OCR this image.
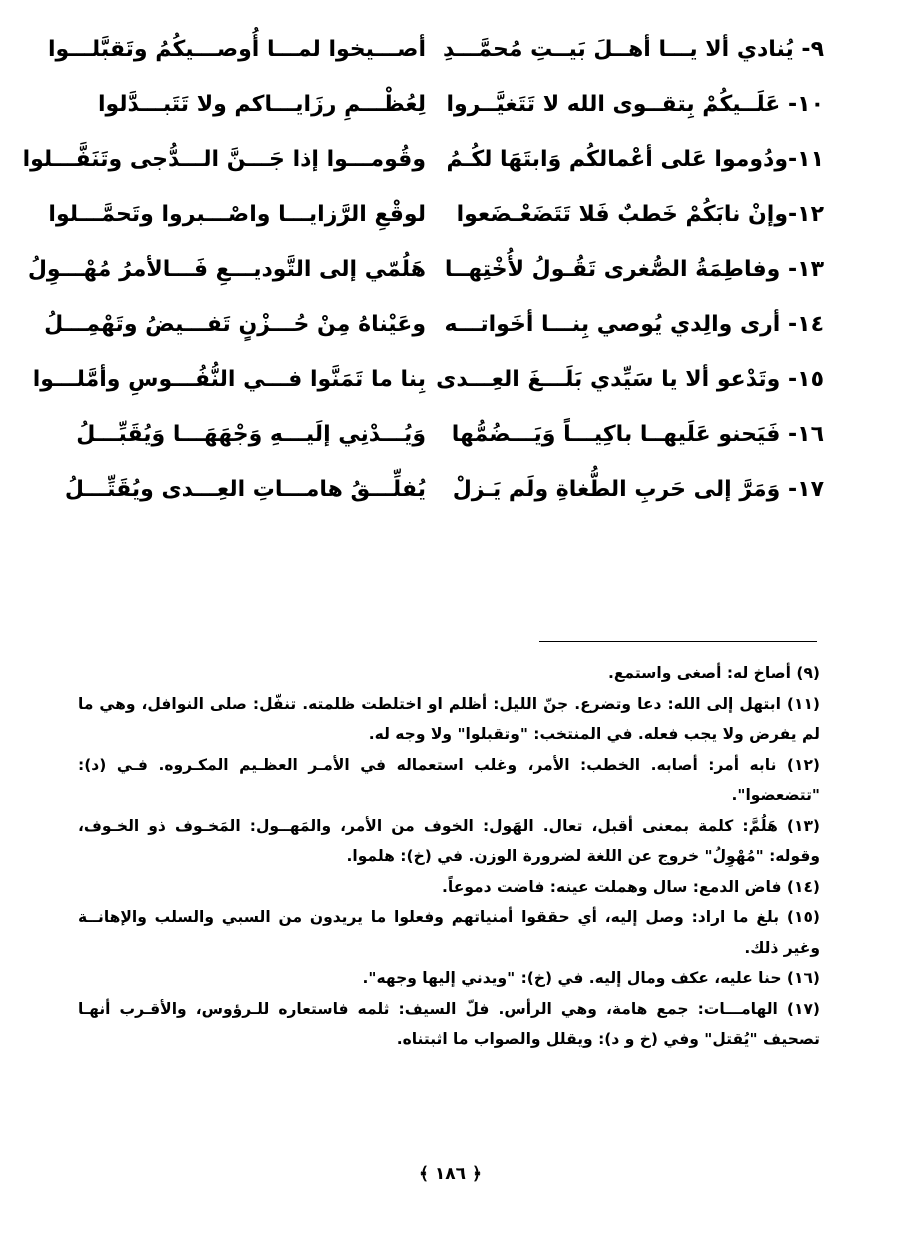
٩- يُنادي ألا يـــا أهــلَ بَيــتِ مُحمَّـــدِ
أصـــيخوا لمـــا أُوصـــيكُمُ وتَقبَّلـــوا
١٠- عَلَــيكُمْ بِتقــوى الله لا تَتَغيَّــروا
لِعُظْـــمِ رزَايـــاكم ولا تَتَبـــدَّلوا
١١-ودُوموا عَلى أعْمالكُم وَابتَهَا لكُـمُ
وقُومـــوا إذا جَـــنَّ الـــدُّجى وتَنَفَّـــلوا
١٢-وإنْ نابَكُمْ خَطبٌ فَلا تَتَضَعْـضَعوا
لوقْعِ الرَّزايـــا واصْـــبروا وتَحمَّـــلوا
١٣- وفاطِمَةُ الصُّغرى تَقُـولُ لأُخْتِهــا
هَلُمّي إلى التَّوديـــعِ فَـــالأمرُ مُهْـــوِلُ
١٤- أرى والِدي يُوصي بِنـــا أخَواتـــه
وعَيْناهُ مِنْ حُـــزْنٍ تَفـــيضُ وتَهْمِـــلُ
١٥- وتَدْعو ألا يا سَيِّدي بَلَـــغَ العِـــدى
بِنا ما تَمَنَّوا فـــي النُّفُـــوسِ وأمَّلـــوا
١٦- فَيَحنو عَلَيهــا باكِيـــاً وَيَـــضُمُّها
وَيُـــدْنِي إلَيـــهِ وَجْهَهَـــا وَيُقَبِّـــلُ
١٧- وَمَرَّ إلى حَربِ الطُّغاةِ ولَم يَـزلْ
يُفلِّـــقُ هامـــاتِ العِـــدى ويُقَتِّـــلُ

(٩) أصاخ له: أصغى واستمع.

(١١) ابتهل إلى الله: دعا وتضرع. جنّ الليل: أظلم او اختلطت ظلمته. تنفّل: صلى النوافل، وهي ما لم يفرض ولا يجب فعله. في المنتخب: "وتقبلوا" ولا وجه له.

(١٢) نابه أمر: أصابه. الخطب: الأمر، وغلب استعماله في الأمـر العظـيم المكـروه. فـي (د): "تتضعضوا".

(١٣) هَلُمَّ: كلمة بمعنى أقبل، تعال. الهَول: الخوف من الأمر، والمَهــول: المَخـوف ذو الخـوف، وقوله: "مُهْوِلُ" خروج عن اللغة لضرورة الوزن. في (خ): هلموا.

(١٤) فاض الدمع: سال وهملت عينه: فاضت دموعاً.

(١٥) بلغ ما اراد: وصل إليه، أي حققوا أمنياتهم وفعلوا ما يريدون من السبي والسلب والإهانــة وغير ذلك.

(١٦) حنا عليه، عكف ومال إليه. في (خ): "ويدني إليها وجهه".

(١٧) الهامـــات: جمع هامة، وهي الرأس. فلّ السيف: ثلمه فاستعاره للـرؤوس، والأقـرب أنهـا تصحيف "يُقتل" وفي (خ و د): ويقلل والصواب ما اثبتناه.

﴿ ١٨٦ ﴾
